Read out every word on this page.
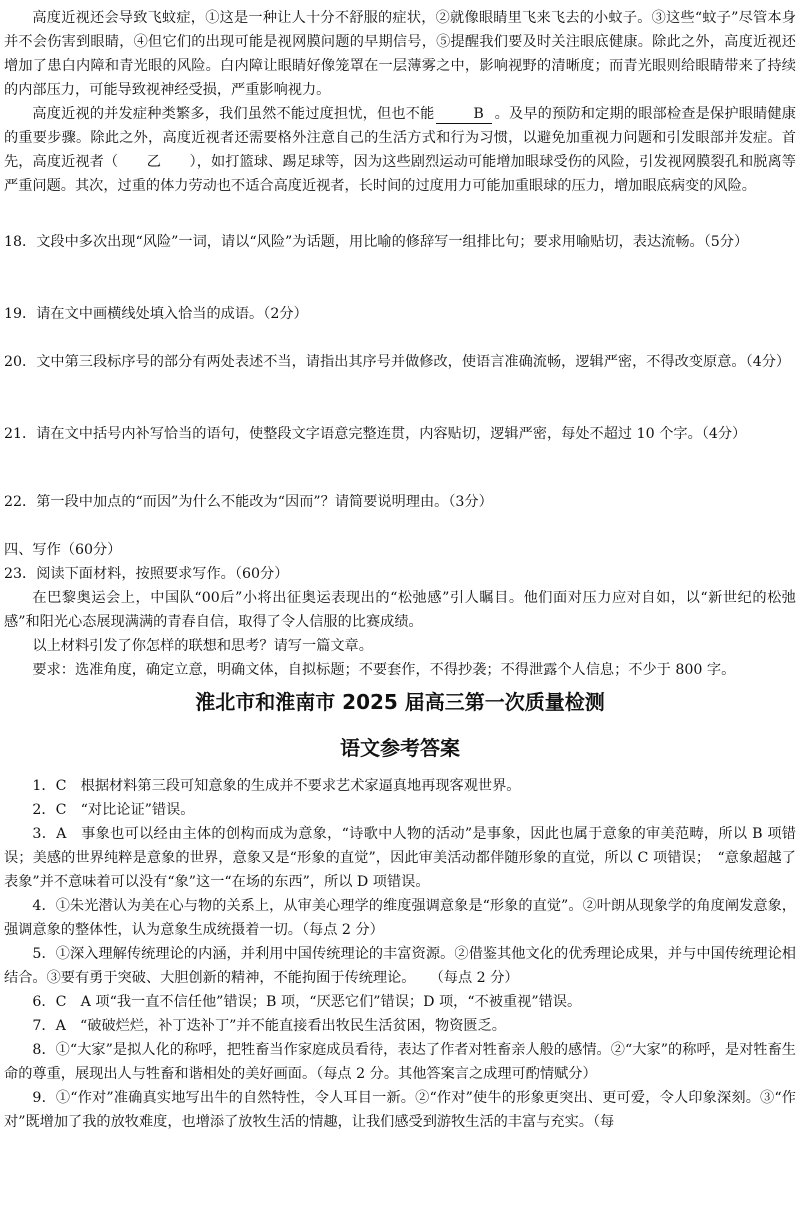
高度近视还会导致飞蚊症，①这是一种让人十分不舒服的症状，②就像眼睛里飞来飞去的小蚊子。③这些“蚊子”尽管本身并不会伤害到眼睛，④但它们的出现可能是视网膜问题的早期信号，⑤提醒我们要及时关注眼底健康。除此之外，高度近视还增加了患白内障和青光眼的风险。白内障让眼睛好像笼罩在一层薄雾之中，影响视野的清晰度；而青光眼则给眼睛带来了持续的内部压力，可能导致视神经受损，严重影响视力。
高度近视的并发症种类繁多，我们虽然不能过度担忧，但也不能	B 。及早的预防和定期的眼部检查是保护眼睛健康的重要步骤。除此之外，高度近视者还需要格外注意自己的生活方式和行为习惯，以避免加重视力问题和引发眼部并发症。首先，高度近视者（　　乙　　），如打篮球、踢足球等，因为这些剧烈运动可能增加眼球受伤的风险，引发视网膜裂孔和脱离等严重问题。其次，过重的体力劳动也不适合高度近视者，长时间的过度用力可能加重眼球的压力，增加眼底病变的风险。
18．文段中多次出现“风险”一词，请以“风险”为话题，用比喻的修辞写一组排比句；要求用喻贴切，表达流畅。（5分）
19．请在文中画横线处填入恰当的成语。（2分）
20．文中第三段标序号的部分有两处表述不当，请指出其序号并做修改，使语言准确流畅，逻辑严密，不得改变原意。（4分）
21．请在文中括号内补写恰当的语句，使整段文字语意完整连贯，内容贴切，逻辑严密，每处不超过 10 个字。（4分）
22．第一段中加点的“而因”为什么不能改为“因而”？请简要说明理由。（3分）
四、写作（60分）
23．阅读下面材料，按照要求写作。（60分）
在巴黎奥运会上，中国队“00后”小将出征奥运表现出的“松弛感”引人瞩目。他们面对压力应对自如，以“新世纪的松弛感”和阳光心态展现满满的青春自信，取得了令人信服的比赛成绩。
以上材料引发了你怎样的联想和思考？请写一篇文章。
要求：选准角度，确定立意，明确文体，自拟标题；不要套作，不得抄袭；不得泄露个人信息；不少于 800 字。
淮北市和淮南市 2025 届高三第一次质量检测
语文参考答案
1．C　根据材料第三段可知意象的生成并不要求艺术家逼真地再现客观世界。
2．C　“对比论证”错误。
3．A　事象也可以经由主体的创构而成为意象，“诗歌中人物的活动”是事象，因此也属于意象的审美范畴，所以 B 项错误；美感的世界纯粹是意象的世界，意象又是“形象的直觉”，因此审美活动都伴随形象的直觉，所以 C 项错误；　“意象超越了表象”并不意味着可以没有“象”这一“在场的东西”，所以 D 项错误。
4．①朱光潜认为美在心与物的关系上，从审美心理学的维度强调意象是“形象的直觉”。②叶朗从现象学的角度阐发意象，强调意象的整体性，认为意象生成统摄着一切。（每点 2 分）
5．①深入理解传统理论的内涵，并利用中国传统理论的丰富资源。②借鉴其他文化的优秀理论成果，并与中国传统理论相结合。③要有勇于突破、大胆创新的精神，不能拘囿于传统理论。　　（每点 2 分）
6．C　A 项“我一直不信任他”错误；B 项，“厌恶它们”错误；D 项，“不被重视”错误。
7．A　“破破烂烂，补丁迭补丁”并不能直接看出牧民生活贫困，物资匮乏。
8．①“大家”是拟人化的称呼，把牲畜当作家庭成员看待，表达了作者对牲畜亲人般的感情。②“大家”的称呼，是对牲畜生命的尊重，展现出人与牲畜和谐相处的美好画面。（每点 2 分。其他答案言之成理可酌情赋分）
9．①“作对”准确真实地写出牛的自然特性，令人耳目一新。②“作对”使牛的形象更突出、更可爱，令人印象深刻。③“作对”既增加了我的放牧难度，也增添了放牧生活的情趣，让我们感受到游牧生活的丰富与充实。（每
